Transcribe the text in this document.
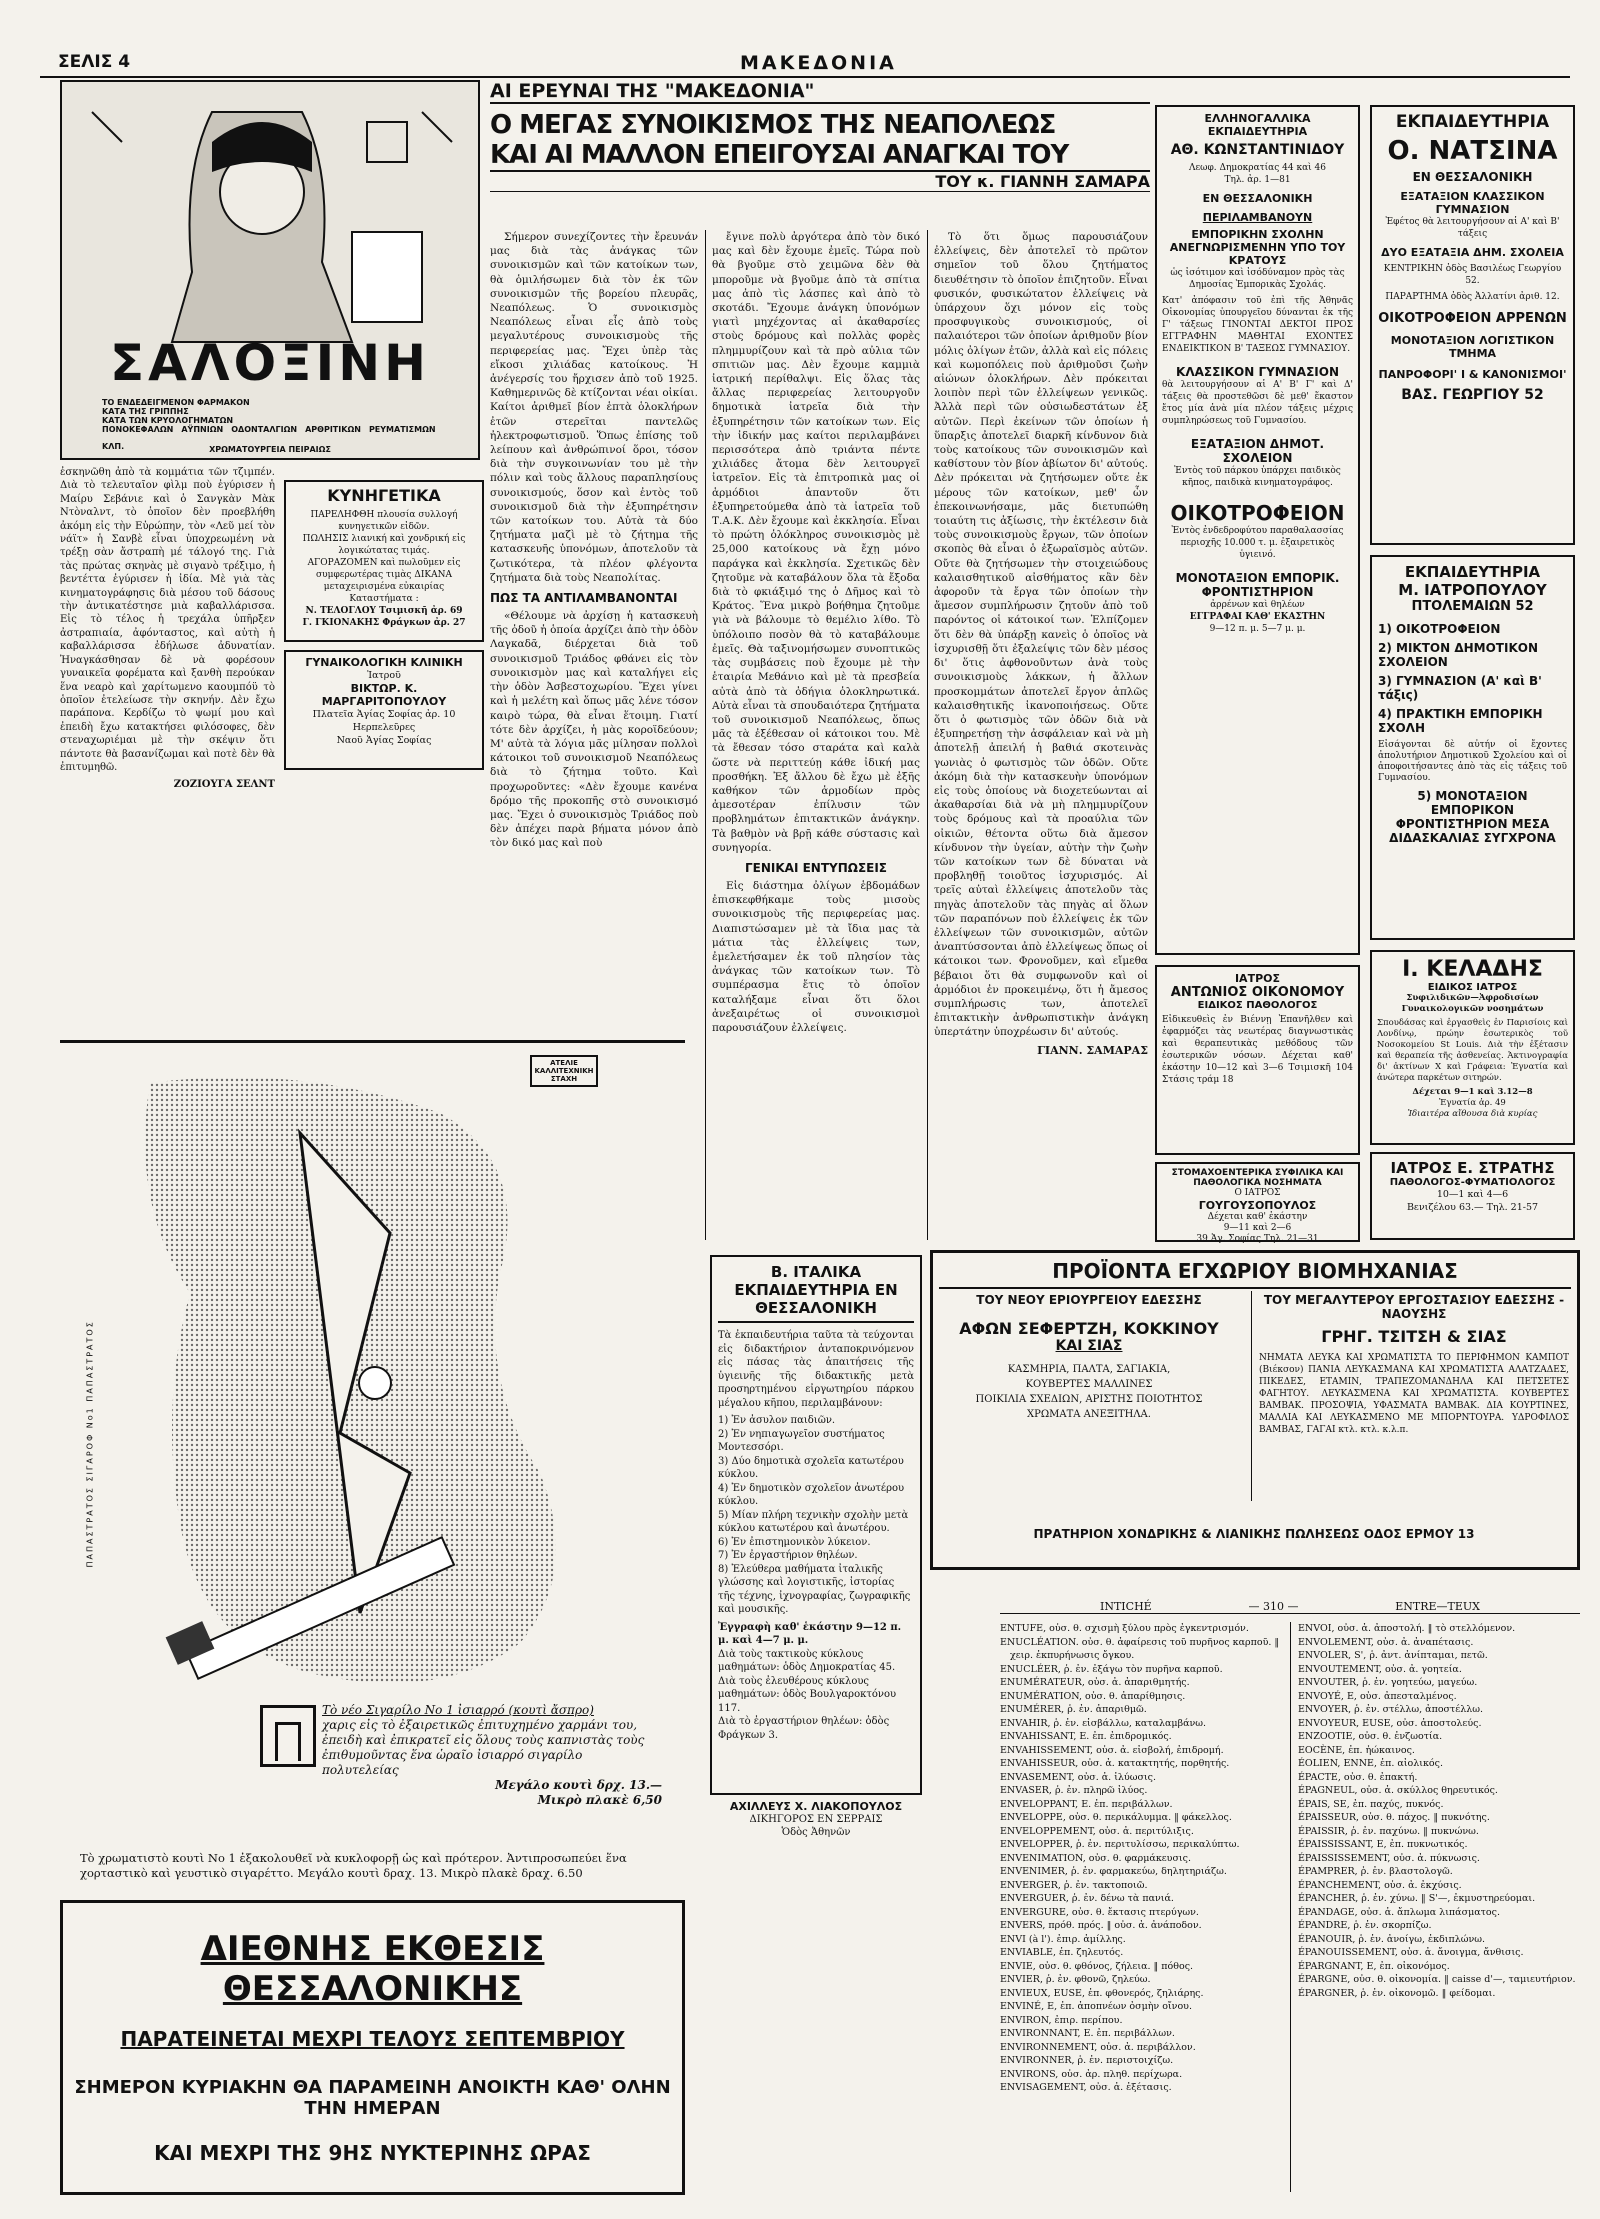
ΣΕΛΙΣ 4	ΜΑΚΕΔΟΝΙΑ
ΣΑΛΟΞΙΝΗ
ΤΟ ΕΝΔΕΔΕΙΓΜΕΝΟΝ ΦΑΡΜΑΚΟΝ
ΚΑΤΑ ΤΗΣ ΓΡΙΠΠΗΣ
ΚΑΤΑ ΤΩΝ ΚΡΥΟΛΟΓΗΜΑΤΩΝ
ΠΟΝΟΚΕΦΑΛΩΝ ΑΫΠΝΙΩΝ ΟΔΟΝΤΑΛΓΙΩΝ ΑΡΘΡΙΤΙΚΩΝ ΡΕΥΜΑΤΙΣΜΩΝ
ΚΛΠ.	ΧΡΩΜΑΤΟΥΡΓΕΙΑ ΠΕΙΡΑΙΩΣ

ἐσκηνῶθη ἀπὸ τὰ κομμάτια τῶν τζιμπέν. Διὰ τὸ τελευταῖον φὶλμ ποὺ ἐγύρισεν ἡ Μαίρυ Σεβάνιε καὶ ὁ Σανγκὰν Μὰκ Ντὸναλντ, τὸ ὁποῖον δὲν προεβλήθη ἀκόμη εἰς τὴν Εὐρώπην, τὸν «Λεῦ μεί τὸν νάϊτ» ἡ Σανβὲ εἶναι ὑποχρεωμένη νὰ τρέξῃ σὰν ἄστραπὴ μέ τάλογό της. Γιὰ τὰς πρώτας σκηνὰς μὲ σιγανὸ τρέξιμο, ἡ βεντέττα ἐγύρισεν ἡ ἰδία. Μὲ γιὰ τὰς κινηματογράφησις διὰ μέσου τοῦ δάσους τὴν ἀντικατέστησε μιὰ καβαλλάρισσα. Εἰς τὸ τέλος ἡ τρεχάλα ὑπῆρξεν ἀστραπιαία, ἀφόνταστος, καὶ αὐτὴ ἡ καβαλλάρισσα ἐδήλωσε ἀδυνατίαν. Ἠναγκάσθησαν δὲ νὰ φορέσουν γυναικεῖα φορέματα καὶ ξανθὴ περούκαν ἕνα νεαρὸ καὶ χαρίτωμενο καουμπόϋ τὸ ὁποῖον ἐτελείωσε τὴν σκηνήν. Δὲν ἔχω παράπονα. Κερδίζω τὸ ψωμί μου καὶ ἐπειδὴ ἔχω κατακτήσει φιλόσοφες, δὲν στεναχωριέμαι μὲ τὴν σκέψιν ὅτι πάντοτε θὰ βασανίζωμαι καὶ ποτὲ δὲν θὰ ἐπιτυμηθῶ.

ΖΟΖΙΟΥΓΑ ΣΕΛΝΤ
ΚΥΝΗΓΕΤΙΚΑ
ΠΑΡΕΛΗΦΘΗ πλουσία συλλογή κυνηγετικῶν εἰδῶν.
ΠΩΛΗΣΙΣ λιανική καὶ χονδρική εἰς λογικώτατας τιμάς.
ΑΓΟΡΑΖΟΜΕΝ καὶ πωλοῦμεν εἰς συμφερωτέρας τιμὰς ΔΙΚΑΝΑ μεταχειρισμένα εὐκαιρίας
Καταστήματα :
Ν. ΤΕΛΟΓΛΟΥ Τσιμισκῆ ἀρ. 69
Γ. ΓΚΙΟΝΑΚΗΣ Φράγκων ἀρ. 27
ΓΥΝΑΙΚΟΛΟΓΙΚΗ ΚΛΙΝΙΚΗ
Ἰατροῦ
ΒΙΚΤΩΡ. Κ. ΜΑΡΓΑΡΙΤΟΠΟΥΛΟΥ
Πλατεῖα Ἁγίας Σοφίας ἀρ. 10
Ηερπελεῦρες
Ναοῦ Ἁγίας Σοφίας
ΑΤΕΛΙΕ ΚΑΛΛΙΤΕΧΝΙΚΗ ΣΤΑΧΗ
ΠΑΠΑΣΤΡΑΤΟΣ ΣΙΓΑΡΟΦ Νο1 ΠΑΠΑΣΤΡΑΤΟΣ
Τὸ νέο Σιγαρίλο Νο 1 ἰσιαρρό (κουτὶ ἄσπρο)
χαρις εἰς τὸ ἐξαιρετικῶς ἐπιτυχημένο χαρμάνι του, ἐπειδὴ καὶ ἐπικρατεῖ εἰς ὅλους τοὺς καπνιστὰς τοὺς ἐπιθυμοῦντας ἕνα ὡραῖο ἰσιαρρό σιγαρίλο πολυτελείας
Μεγάλο κουτὶ δρχ. 13.—
Μικρὸ πλακὲ 6,50
Τὸ χρωματιστὸ κουτὶ Νο 1 ἐξακολουθεῖ νὰ κυκλοφορῇ ὡς καὶ πρότερον. Ἀντιπροσωπεύει ἕνα χορταστικὸ καὶ γευστικὸ σιγαρέττο. Μεγάλο κουτὶ δραχ. 13. Μικρὸ πλακὲ δραχ. 6.50
ΔΙΕΘΝΗΣ ΕΚΘΕΣΙΣ ΘΕΣΣΑΛΟΝΙΚΗΣ
ΠΑΡΑΤΕΙΝΕΤΑΙ ΜΕΧΡΙ ΤΕΛΟΥΣ ΣΕΠΤΕΜΒΡΙΟΥ
ΣΗΜΕΡΟΝ ΚΥΡΙΑΚΗΝ ΘΑ ΠΑΡΑΜΕΙΝΗ ΑΝΟΙΚΤΗ ΚΑΘ' ΟΛΗΝ ΤΗΝ ΗΜΕΡΑΝ
ΚΑΙ ΜΕΧΡΙ ΤΗΣ 9ΗΣ ΝΥΚΤΕΡΙΝΗΣ ΩΡΑΣ
ΑΙ ΕΡΕΥΝΑΙ ΤΗΣ "ΜΑΚΕΔΟΝΙΑ"
Ο ΜΕΓΑΣ ΣΥΝΟΙΚΙΣΜΟΣ ΤΗΣ ΝΕΑΠΟΛΕΩΣ
ΚΑΙ ΑΙ ΜΑΛΛΟΝ ΕΠΕΙΓΟΥΣΑΙ ΑΝΑΓΚΑΙ ΤΟΥ
ΤΟΥ κ. ΓΙΑΝΝΗ ΣΑΜΑΡΑ

Σήμερον συνεχίζοντες τὴν ἔρευνάν μας διὰ τὰς ἀνάγκας τῶν συνοικισμῶν καὶ τῶν κατοίκων των, θὰ ὁμιλήσωμεν διὰ τὸν ἐκ τῶν συνοικισμῶν τῆς βορείου πλευρᾶς, Νεαπόλεως. Ὁ συνοικισμὸς Νεαπόλεως εἶναι εἷς ἀπὸ τοὺς μεγαλυτέρους συνοικισμοὺς τῆς περιφερείας μας. Ἔχει ὑπὲρ τὰς εἴκοσι χιλιάδας κατοίκους. Ἡ ἀνέγερσίς του ἤρχισεν ἀπὸ τοῦ 1925. Καθημερινῶς δὲ κτίζονται νέαι οἰκίαι. Καίτοι ἀριθμεῖ βίον ἑπτὰ ὁλοκλήρων ἐτῶν στερεῖται παντελῶς ἠλεκτροφωτισμοῦ. Ὅπως ἐπίσης τοῦ λείπουν καὶ ἀνθρώπινοί ὅροι, τόσον διὰ τὴν συγκοινωνίαν του μὲ τὴν πόλιν καὶ τοὺς ἄλλους παραπλησίους συνοικισμούς, ὅσον καὶ ἐντὸς τοῦ συνοικισμοῦ διὰ τὴν ἐξυπηρέτησιν τῶν κατοίκων του. Αὐτὰ τὰ δύο ζητήματα μαζὶ μὲ τὸ ζήτημα τῆς κατασκευῆς ὑπονόμων, ἀποτελοῦν τὰ ζωτικότερα, τὰ πλέον φλέγοντα ζητήματα διὰ τοὺς Νεαπολίτας.

ΠΩΣ ΤΑ ΑΝΤΙΛΑΜΒΑΝΟΝΤΑΙ

«Θέλουμε νὰ ἀρχίσῃ ἡ κατασκευὴ τῆς ὁδοῦ ἡ ὁποία ἀρχίζει ἀπὸ τὴν ὁδὸν Λαγκαδᾶ, διέρχεται διὰ τοῦ συνοικισμοῦ Τριάδος φθάνει εἰς τὸν συνοικισμὸν μας καὶ καταλήγει εἰς τὴν ὁδὸν Ἀσβεστοχωρίου. Ἔχει γίνει καὶ ἡ μελέτη καὶ ὅπως μᾶς λένε τόσον καιρὸ τώρα, θὰ εἶναι ἕτοιμη. Γιατί τότε δὲν ἀρχίζει, ἡ μὰς κοροϊδεύουν; Μ' αὐτὰ τὰ λόγια μᾶς μίλησαν πολλοὶ κάτοικοι τοῦ συνοικισμοῦ Νεαπόλεως διὰ τὸ ζήτημα τοῦτο. Καὶ προχωροῦντες: «Δὲν ἔχουμε κανένα δρόμο τῆς προκοπῆς στὸ συνοικισμό μας. Ἔχει ὁ συνοικισμὸς Τριάδος ποὺ δὲν ἀπέχει παρὰ βήματα μόνον ἀπὸ τὸν δικό μας καὶ ποὺ

ἔγινε πολὺ ἀργότερα ἀπὸ τὸν δικό μας καὶ δὲν ἔχουμε ἐμεῖς. Τώρα ποὺ θὰ βγοῦμε στὸ χειμῶνα δὲν θὰ μποροῦμε νὰ βγοῦμε ἀπὸ τὰ σπίτια μας ἀπὸ τὶς λάσπες καὶ ἀπὸ τὸ σκοτάδι. Ἔχουμε ἀνάγκη ὑπονόμων γιατὶ μηχέχοντας αἱ ἀκαθαρσίες στοὺς δρόμους καὶ πολλὰς φορὲς πλημμυρίζουν καὶ τὰ πρὸ αὐλια τῶν σπιτιῶν μας. Δὲν ἔχουμε καμμιὰ ἰατρική περίθαλψι. Εἰς ὅλας τὰς ἄλλας περιφερείας λειτουργοῦν δημοτικὰ ἰατρεῖα διὰ τὴν ἐξυπηρέτησιν τῶν κατοίκων των. Εἰς τὴν ἰδικήν μας καίτοι περιλαμβάνει περισσότερα ἀπὸ τριάντα πέντε χιλιάδες ἄτομα δὲν λειτουργεῖ ἰατρεῖον. Εἰς τὰ ἐπιτροπικὰ μας οἱ ἁρμόδιοι ἀπαντοῦν ὅτι ἐξυπηρετούμεθα ἀπὸ τὰ ἰατρεῖα τοῦ Τ.Α.Κ. Δὲν ἔχουμε καὶ ἐκκλησία. Εἶναι τὸ πρώτη ὁλόκληρος συνοικισμὸς μὲ 25,000 κατοίκους νὰ ἔχῃ μόνο παράγκα καὶ ἐκκλησία. Σχετικῶς δὲν ζητοῦμε νὰ καταβάλουν ὅλα τὰ ἔξοδα διὰ τὸ φκιάξιμό της ὁ Δῆμος καὶ τὸ Κράτος. Ἕνα μικρὸ βοήθημα ζητοῦμε γιὰ νὰ βάλουμε τὸ θεμέλιο λίθο. Τὸ ὑπόλοιπο ποσὸν θὰ τὸ καταβάλουμε ἐμεῖς. Θὰ ταξινομήσωμεν συνοπτικῶς τὰς συμβάσεις ποὺ ἔχουμε μὲ τὴν ἑταιρία Μεθάνιο καὶ μὲ τὰ πρεσβεία αὐτὰ ἀπὸ τὰ ὀδήγια ὁλοκληρωτικά. Αὐτὰ εἶναι τὰ σπουδαιότερα ζητήματα τοῦ συνοικισμοῦ Νεαπόλεως, ὅπως μᾶς τὰ ἐξέθεσαν οἱ κάτοικοι του. Μὲ τὰ ἔθεσαν τόσο σταράτα καὶ καλὰ ὥστε νὰ περιττεύῃ κάθε ἰδική μας προσθήκη. Ἐξ ἄλλου δὲ ἔχω μὲ ἐξῆς καθήκον τῶν ἁρμοδίων πρὸς ἀμεσοτέραν ἐπίλυσιν τῶν προβλημάτων ἐπιτακτικῶν ἀνάγκην. Τὰ βαθμὸν νὰ βρῇ κάθε σύστασις καὶ συνηγορία.

ΓΕΝΙΚΑΙ ΕΝΤΥΠΩΣΕΙΣ

Εἰς διάστημα ὀλίγων ἑβδομάδων ἐπισκεφθήκαμε τοὺς μισοὺς συνοικισμοὺς τῆς περιφερείας μας. Διαπιστώσαμεν μὲ τὰ ἴδια μας τὰ μάτια τὰς ἐλλείψεις των, ἐμελετήσαμεν ἐκ τοῦ πλησίον τὰς ἀνάγκας τῶν κατοίκων των. Τὸ συμπέρασμα ἔτις τὸ ὁποῖον καταλήξαμε εἶναι ὅτι ὅλοι ἀνεξαιρέτως οἱ συνοικισμοὶ παρουσιάζουν ἐλλείψεις.

Τὸ ὅτι ὅμως παρουσιάζουν ἐλλείψεις, δὲν ἀποτελεῖ τὸ πρῶτον σημεῖον τοῦ ὅλου ζητήματος διευθέτησιν τὸ ὁποῖον ἐπιζητοῦν. Εἶναι φυσικόν, φυσικώτατον ἐλλείψεις νὰ ὑπάρχουν ὅχι μόνον εἰς τοὺς προσφυγικοὺς συνοικισμούς, οἱ παλαιότεροι τῶν ὁποίων ἀριθμοῦν βίον μόλις ὀλίγων ἐτῶν, ἀλλὰ καὶ εἰς πόλεις καὶ κωμοπόλεις ποὺ ἀριθμοῦσι ζωὴν αἰώνων ὁλοκλήρων. Δὲν πρόκειται λοιπὸν περὶ τῶν ἐλλείψεων γενικῶς. Ἀλλὰ περὶ τῶν οὐσιωδεστάτων ἐξ αὐτῶν. Περὶ ἐκείνων τῶν ὁποίων ἡ ὕπαρξις ἀποτελεῖ διαρκῆ κίνδυνον διὰ τοὺς κατοίκους τῶν συνοικισμῶν καὶ καθίστουν τὸν βίον ἀβίωτον δι' αὐτούς. Δὲν πρόκειται νὰ ζητήσωμεν οὔτε ἐκ μέρους τῶν κατοίκων, μεθ' ὧν ἐπεκοινωνήσαμε, μᾶς διετυπώθη τοιαύτη τις ἀξίωσις, τὴν ἐκτέλεσιν διὰ τοὺς συνοικισμοὺς ἔργων, τῶν ὁποίων σκοπὸς θὰ εἶναι ὁ ἐξωραϊσμὸς αὐτῶν. Οὔτε θὰ ζητήσωμεν τὴν στοιχειώδους καλαισθητικοῦ αἰσθήματος κἂν δὲν ἀφοροῦν τὰ ἔργα τῶν ὁποίων τὴν ἄμεσον συμπλήρωσιν ζητοῦν ἀπὸ τοῦ παρόντος οἱ κάτοικοί των. Ἐλπίζομεν ὅτι δὲν θὰ ὑπάρξῃ κανεὶς ὁ ὁποῖος νὰ ἰσχυρισθῇ ὅτι ἐξαλείψις τῶν δὲν μέσος δι' ὅτις ἀφθονοῦντων ἀνὰ τοὺς συνοικισμοὺς λάκκων, ἡ ἄλλων προσκομμάτων ἀποτελεῖ ἔργον ἁπλῶς καλαισθητικῆς ἱκανοποιήσεως. Οὔτε ὅτι ὁ φωτισμὸς τῶν ὁδῶν διὰ νὰ ἐξυπηρετήσῃ τὴν ἀσφάλειαν καὶ νὰ μὴ ἀποτελῇ ἀπειλή ἡ βαθιά σκοτεινὰς γωνιὰς ὁ φωτισμὸς τῶν ὁδῶν. Οὔτε ἀκόμη διὰ τὴν κατασκευὴν ὑπονόμων εἰς τοὺς ὁποίους νὰ διοχετεύωνται αἱ ἀκαθαρσίαι διὰ νὰ μὴ πλημμυρίζουν τοὺς δρόμους καὶ τὰ προαύλια τῶν οἰκιῶν, θέτοντα οὕτω διὰ ἄμεσον κίνδυνον τὴν ὑγείαν, αὐτὴν τὴν ζωὴν τῶν κατοίκων των δὲ δύναται νὰ προβληθῇ τοιοῦτος ἰσχυρισμός. Αἱ τρεῖς αὐταὶ ἐλλείψεις ἀποτελοῦν τὰς πηγὰς ἀποτελοῦν τὰς πηγὰς αἱ ὅλων τῶν παραπόνων ποὺ ἐλλείψεις ἐκ τῶν ἐλλείψεων τῶν συνοικισμῶν, αὐτῶν ἀναπτύσσονται ἀπὸ ἐλλείψεως ὅπως οἱ κάτοικοι των. Φρονοῦμεν, καὶ εἴμεθα βέβαιοι ὅτι θὰ συμφωνοῦν καὶ οἱ ἁρμόδιοι ἐν προκειμένῳ, ὅτι ἡ ἄμεσος συμπλήρωσις των, ἀποτελεῖ ἐπιτακτικὴν ἀνθρωπιστικὴν ἀνάγκη ὑπερτάτην ὑποχρέωσιν δι' αὐτούς.

ΓΙΑΝΝ. ΣΑΜΑΡΑΣ
Β. ΙΤΑΛΙΚΑ ΕΚΠΑΙΔΕΥΤΗΡΙΑ ΕΝ ΘΕΣΣΑΛΟΝΙΚΗ
Τὰ ἐκπαιδευτήρια ταῦτα τὰ τεύχονται εἰς διδακτήριον ἀνταποκρινόμενον εἰς πάσας τὰς ἀπαιτήσεις τῆς ὑγιεινῆς τῆς διδακτικῆς μετὰ προσηρτημένου εἰργωτηρίου πάρκου μέγαλου κῆπου, περιλαμβάνουν:
1) Ἐν ἀσυλον παιδιῶν.
2) Ἐν νηπιαγωγεῖον συστήματος Μοντεσσόρι.
3) Δύο δημοτικὰ σχολεῖα κατωτέρου κύκλου.
4) Ἐν δημοτικὸν σχολεῖον ἀνωτέρου κύκλου.
5) Μίαν πλήρη τεχνικὴν σχολὴν μετὰ κύκλου κατωτέρου καὶ ἀνωτέρου.
6) Ἐν ἐπιστημονικὸν λύκειον.
7) Ἐν ἐργαστήριον θηλέων.
8) Ἐλεύθερα μαθήματα ἰταλικῆς γλώσσης καὶ λογιστικῆς, ἱστορίας τῆς τέχνης, ἰχνογραφίας, ζωγραφικῆς καὶ μουσικῆς.
Ἐγγραφὴ καθ' ἑκάστην 9—12 π. μ. καὶ 4—7 μ. μ.
Διὰ τοὺς τακτικοὺς κύκλους μαθημάτων: ὁδὸς Δημοκρατίας 45.
Διὰ τοὺς ἐλευθέρους κύκλους μαθημάτων: ὁδὸς Βουλγαροκτόνου 117.
Διὰ τὸ ἐργαστήριον θηλέων: ὁδὸς Φράγκων 3.
ΑΧΙΛΛΕΥΣ Χ. ΛΙΑΚΟΠΟΥΛΟΣ
ΔΙΚΗΓΟΡΟΣ ΕΝ ΣΕΡΡΑΙΣ
Ὁδὸς Ἀθηνῶν
ΠΡΟΪΟΝΤΑ ΕΓΧΩΡΙΟΥ ΒΙΟΜΗΧΑΝΙΑΣ
ΤΟΥ ΝΕΟΥ ΕΡΙΟΥΡΓΕΙΟΥ ΕΔΕΣΣΗΣ
ΑΦΩΝ ΣΕΦΕΡΤΖΗ, ΚΟΚΚΙΝΟΥ
ΚΑΙ ΣΙΑΣ
ΚΑΣΜΗΡΙΑ, ΠΑΛΤΑ, ΣΑΓΙΑΚΙΑ,
ΚΟΥΒΕΡΤΕΣ ΜΑΛΛΙΝΕΣ
ΠΟΙΚΙΛΙΑ ΣΧΕΔΙΩΝ, ΑΡΙΣΤΗΣ ΠΟΙΟΤΗΤΟΣ
ΧΡΩΜΑΤΑ ΑΝΕΞΙΤΗΛΑ.
ΤΟΥ ΜΕΓΑΛΥΤΕΡΟΥ ΕΡΓΟΣΤΑΣΙΟΥ ΕΔΕΣΣΗΣ - ΝΑΟΥΣΗΣ
ΓΡΗΓ. ΤΣΙΤΣΗ & ΣΙΑΣ
ΝΗΜΑΤΑ ΛΕΥΚΑ ΚΑΙ ΧΡΩΜΑΤΙΣΤΑ ΤΟ ΠΕΡΙΦΗΜΟΝ ΚΑΜΠΟΤ (Βιέκσον) ΠΑΝΙΑ ΛΕΥΚΑΣΜΑΝΑ ΚΑΙ ΧΡΩΜΑΤΙΣΤΑ ΑΛΑΤΖΑΔΕΣ, ΠΙΚΕΔΕΣ, ΕΤΑΜΙΝ, ΤΡΑΠΕΖΟΜΑΝΔΗΛΑ ΚΑΙ ΠΕΤΣΕΤΕΣ ΦΑΓΗΤΟΥ. ΛΕΥΚΑΣΜΕΝΑ ΚΑΙ ΧΡΩΜΑΤΙΣΤΑ. ΚΟΥΒΕΡΤΕΣ ΒΑΜΒΑΚ. ΠΡΟΣΟΨΙΑ, ΥΦΑΣΜΑΤΑ ΒΑΜΒΑΚ. ΔΙΑ ΚΟΥΡΤΙΝΕΣ, ΜΑΛΛΙΑ ΚΑΙ ΛΕΥΚΑΣΜΕΝΟ ΜΕ ΜΠΟΡΝΤΟΥΡΑ. ΥΔΡΟΦΙΛΟΣ ΒΑΜΒΑΣ, ΓΑΓΑΙ κτλ. κτλ. κ.λ.π.
ΠΡΑΤΗΡΙΟΝ ΧΟΝΔΡΙΚΗΣ & ΛΙΑΝΙΚΗΣ ΠΩΛΗΣΕΩΣ ΟΔΟΣ ΕΡΜΟΥ 13
INTICHÉ	— 310 —	ENTRE—TEUX

ENTUFE, οὐσ. θ. σχισμὴ ξύλου πρὸς ἐγκεντρισμόν.

ENUCLÉATION. οὐσ. θ. ἀφαίρεσις τοῦ πυρῆνος καρποῦ. ‖ χειρ. ἐκπυρήνωσις ὄγκου.

ENUCLÉER, ῥ. ἐν. ἐξάγω τὸν πυρῆνα καρποῦ.

ENUMÉRATEUR, οὐσ. ἀ. ἀπαριθμητής.

ENUMÉRATION, οὐσ. θ. ἀπαρίθμησις.

ENUMÉRER, ῥ. ἐν. ἀπαριθμῶ.

ENVAHIR, ῥ. ἐν. εἰσβάλλω, καταλαμβάνω.

ENVAHISSANT, E. ἐπ. ἐπιδρομικός.

ENVAHISSEMENT, οὐσ. ἀ. εἰσβολή, ἐπιδρομή.

ENVAHISSEUR, οὐσ. ἀ. κατακτητής, πορθητής.

ENVASEMENT, οὐσ. ἀ. ἰλύωσις.

ENVASER, ῥ. ἐν. πληρῶ ἰλύος.

ENVELOPPANT, E. ἐπ. περιβάλλων.

ENVELOPPE, οὐσ. θ. περικάλυμμα. ‖ φάκελλος.

ENVELOPPEMENT, οὐσ. ἀ. περιτύλιξις.

ENVELOPPER, ῥ. ἐν. περιτυλίσσω, περικαλύπτω.

ENVENIMATION, οὐσ. θ. φαρμάκευσις.

ENVENIMER, ῥ. ἐν. φαρμακεύω, δηλητηριάζω.

ENVERGER, ῥ. ἐν. τακτοποιῶ.

ENVERGUER, ῥ. ἐν. δένω τὰ πανιά.

ENVERGURE, οὐσ. θ. ἔκτασις πτερύγων.

ENVERS, πρόθ. πρός. ‖ οὐσ. ἀ. ἀνάποδον.

ENVI (à l'). ἐπιρ. ἁμίλλης.

ENVIABLE, ἐπ. ζηλευτός.

ENVIE, οὐσ. θ. φθόνος, ζήλεια. ‖ πόθος.

ENVIER, ῥ. ἐν. φθονῶ, ζηλεύω.

ENVIEUX, EUSE, ἐπ. φθονερός, ζηλιάρης.

ENVINÉ, E, ἐπ. ἀποπνέων ὀσμὴν οἴνου.

ENVIRON, ἐπιρ. περίπου.

ENVIRONNANT, E. ἐπ. περιβάλλων.

ENVIRONNEMENT, οὐσ. ἀ. περιβάλλον.

ENVIRONNER, ῥ. ἐν. περιστοιχίζω.

ENVIRONS, οὐσ. ἀρ. πληθ. περίχωρα.

ENVISAGEMENT, οὐσ. ἀ. ἐξέτασις.

ENVOI, οὐσ. ἀ. ἀποστολή. ‖ τὸ στελλόμενον.

ENVOLEMENT, οὐσ. ἀ. ἀναπέτασις.

ENVOLER, S', ῥ. ἀντ. ἀνίπταμαι, πετῶ.

ENVOUTEMENT, οὐσ. ἀ. γοητεία.

ENVOUTER, ῥ. ἐν. γοητεύω, μαγεύω.

ENVOYÉ, E, οὐσ. ἀπεσταλμένος.

ENVOYER, ῥ. ἐν. στέλλω, ἀποστέλλω.

ENVOYEUR, EUSE, οὐσ. ἀποστολεύς.

ENZOOTIE, οὐσ. θ. ἐνζωοτία.

EOCÈNE, ἐπ. ἠώκαινος.

ÉOLIEN, ENNE, ἐπ. αἰολικός.

ÉPACTE, οὐσ. θ. ἐπακτή.

ÉPAGNEUL, οὐσ. ἀ. σκύλλος θηρευτικός.

ÉPAIS, SE, ἐπ. παχύς, πυκνός.

ÉPAISSEUR, οὐσ. θ. πάχος. ‖ πυκνότης.

ÉPAISSIR, ῥ. ἐν. παχύνω. ‖ πυκνώνω.

ÉPAISSISSANT, E, ἐπ. πυκνωτικός.

ÉPAISSISSEMENT, οὐσ. ἀ. πύκνωσις.

ÉPAMPRER, ῥ. ἐν. βλαστολογῶ.

ÉPANCHEMENT, οὐσ. ἀ. ἐκχύσις.

ÉPANCHER, ῥ. ἐν. χύνω. ‖ S'—, ἐκμυστηρεύομαι.

ÉPANDAGE, οὐσ. ἀ. ἄπλωμα λιπάσματος.

ÉPANDRE, ῥ. ἐν. σκορπίζω.

ÉPANOUIR, ῥ. ἐν. ἀνοίγω, ἐκδιπλώνω.

ÉPANOUISSEMENT, οὐσ. ἀ. ἄνοιγμα, ἄνθισις.

ÉPARGNANT, E, ἐπ. οἰκονόμος.

ÉPARGNE, οὐσ. θ. οἰκονομία. ‖ caisse d'—, ταμιευτήριον.

ÉPARGNER, ῥ. ἐν. οἰκονομῶ. ‖ φείδομαι.

ΕΛΛΗΝΟΓΑΛΛΙΚΑ ΕΚΠΑΙΔΕΥΤΗΡΙΑ
ΑΘ. ΚΩΝΣΤΑΝΤΙΝΙΔΟΥ
Λεωφ. Δημοκρατίας 44 καὶ 46
Τηλ. ἀρ. 1—81
ΕΝ ΘΕΣΣΑΛΟΝΙΚΗ
ΠΕΡΙΛΑΜΒΑΝΟΥΝ
ΕΜΠΟΡΙΚΗΝ ΣΧΟΛΗΝ ΑΝΕΓΝΩΡΙΣΜΕΝΗΝ ΥΠΟ ΤΟΥ ΚΡΑΤΟΥΣ
ὡς ἰσότιμον καὶ ἰσόδύναμον πρὸς τὰς Δημοσίας Ἐμπορικὰς Σχολάς.
Κατ' ἀπόφασιν τοῦ ἐπὶ τῆς Ἀθηνᾶς Οἰκονομίας ὑπουργεῖου δύνανται ἐκ τῆς Γ' τάξεως ΓΙΝΟΝΤΑΙ ΔΕΚΤΟΙ ΠΡΟΣ ΕΓΓΡΑΦΗΝ ΜΑΘΗΤΑΙ ΕΧΟΝΤΕΣ ΕΝΔΕΙΚΤΙΚΟΝ Β' ΤΑΞΕΩΣ ΓΥΜΝΑΣΙΟΥ.
ΚΛΑΣΣΙΚΟΝ ΓΥΜΝΑΣΙΟΝ
θὰ λειτουργήσουν αἱ Α' Β' Γ' καὶ Δ' τάξεις θὰ προστεθῶσι δὲ μεθ' ἕκαστον ἔτος μία ἀνὰ μία πλέον τάξεις μέχρις συμπληρώσεως τοῦ Γυμνασίου.
ΕΞΑΤΑΞΙΟΝ ΔΗΜΟΤ. ΣΧΟΛΕΙΟΝ
Ἐντὸς τοῦ πάρκου ὑπάρχει παιδικὸς κῆπος, παιδικὰ κινηματογράφος.
ΟΙΚΟΤΡΟΦΕΙΟΝ
Ἐντὸς ἐνδεδροφύτου παραθαλασσίας περιοχῆς 10.000 τ. μ. ἐξαιρετικὸς ὑγιεινό.
ΜΟΝΟΤΑΞΙΟΝ ΕΜΠΟΡΙΚ. ΦΡΟΝΤΙΣΤΗΡΙΟΝ
ἀρρένων καὶ θηλέων
ΕΓΓΡΑΦΑΙ ΚΑΘ' ΕΚΑΣΤΗΝ
9—12 π. μ. 5—7 μ. μ.
ΕΚΠΑΙΔΕΥΤΗΡΙΑ
Ο. ΝΑΤΣΙΝΑ
ΕΝ ΘΕΣΣΑΛΟΝΙΚΗ
ΕΞΑΤΑΞΙΟΝ ΚΛΑΣΣΙΚΟΝ ΓΥΜΝΑΣΙΟΝ
Ἐφέτος θὰ λειτουργήσουν αἱ Α' καὶ Β' τάξεις
ΔΥΟ ΕΞΑΤΑΞΙΑ ΔΗΜ. ΣΧΟΛΕΙΑ
ΚΕΝΤΡΙΚΗΝ ὁδὸς Βασιλέως Γεωργίου 52.
ΠΑΡΑΡΤΗΜΑ ὁδὸς Ἀλλατίνι ἀριθ. 12.
ΟΙΚΟΤΡΟΦΕΙΟΝ ΑΡΡΕΝΩΝ
ΜΟΝΟΤΑΞΙΟΝ ΛΟΓΙΣΤΙΚΟΝ ΤΜΗΜΑ
ΠΑΝΡΟΦΟΡΙ' Ι & ΚΑΝΟΝΙΣΜΟΙ'
ΒΑΣ. ΓΕΩΡΓΙΟΥ 52
ΕΚΠΑΙΔΕΥΤΗΡΙΑ
Μ. ΙΑΤΡΟΠΟΥΛΟΥ
ΠΤΟΛΕΜΑΙΩΝ 52
1) ΟΙΚΟΤΡΟΦΕΙΟΝ
2) ΜΙΚΤΟΝ ΔΗΜΟΤΙΚΟΝ ΣΧΟΛΕΙΟΝ
3) ΓΥΜΝΑΣΙΟΝ (Α' καὶ Β' τάξις)
4) ΠΡΑΚΤΙΚΗ ΕΜΠΟΡΙΚΗ ΣΧΟΛΗ
Εἰσάγονται δὲ αὐτήν οἱ ἔχοντες ἀπολυτήριον Δημοτικοῦ Σχολείου καὶ οἱ ἀποφοιτήσαντες ἀπὸ τὰς εἰς τάξεις τοῦ Γυμνασίου.
5) ΜΟΝΟΤΑΞΙΟΝ ΕΜΠΟΡΙΚΟΝ ΦΡΟΝΤΙΣΤΗΡΙΟΝ ΜΕΣΑ ΔΙΔΑΣΚΑΛΙΑΣ ΣΥΓΧΡΟΝΑ
ΙΑΤΡΟΣ
ΑΝΤΩΝΙΟΣ ΟΙΚΟΝΟΜΟΥ
ΕΙΔΙΚΟΣ ΠΑΘΟΛΟΓΟΣ
Εἰδικευθεὶς ἐν Βιέννῃ Ἐπανῆλθεν καὶ ἐφαρμόζει τὰς νεωτέρας διαγνωστικὰς καὶ θεραπευτικὰς μεθόδους τῶν ἐσωτερικῶν νόσων. Δέχεται καθ' ἑκάστην 10—12 καὶ 3—6 Τσιμισκῆ 104 Στάσις τράμ 18
ΣΤΟΜΑΧΟΕΝΤΕΡΙΚΑ ΣΥΦΙΛΙΚΑ ΚΑΙ ΠΑΘΟΛΟΓΙΚΑ ΝΟΣΗΜΑΤΑ
Ο ΙΑΤΡΟΣ
ΓΟΥΓΟΥΣΟΠΟΥΛΟΣ
Δέχεται καθ' ἑκάστην
9—11 καὶ 2—6
39 Ἁγ. Σοφίας Τηλ. 21—31
Ι. ΚΕΛΑΔΗΣ
ΕΙΔΙΚΟΣ ΙΑΤΡΟΣ
Συφιλιδικῶν—Ἀφροδισίων Γυναικολογικῶν νοσημάτων
Σπουδάσας καὶ ἐργασθεὶς ἐν Παρισίοις καὶ Λονδίνῳ, πρώην ἐσωτερικὸς τοῦ Νοσοκομείου St Louis. Διὰ τὴν ἐξέτασιν καὶ θεραπεία τῆς ἀσθενείας. Ἀκτινογραφία δι' ἀκτίνων Χ καὶ Γράφεια: Ἐγνατία καὶ ἀνώτερα παρκέτων σιτηρών.
Δέχεται 9—1 καὶ 3.12—8
Ἐγνατία ἀρ. 49
Ἰδιαιτέρα αἴθουσα διὰ κυρίας
ΙΑΤΡΟΣ Ε. ΣΤΡΑΤΗΣ
ΠΑΘΟΛΟΓΟΣ-ΦΥΜΑΤΙΟΛΟΓΟΣ
10—1 καὶ 4—6
Βενιζέλου 63.— Τηλ. 21-57
